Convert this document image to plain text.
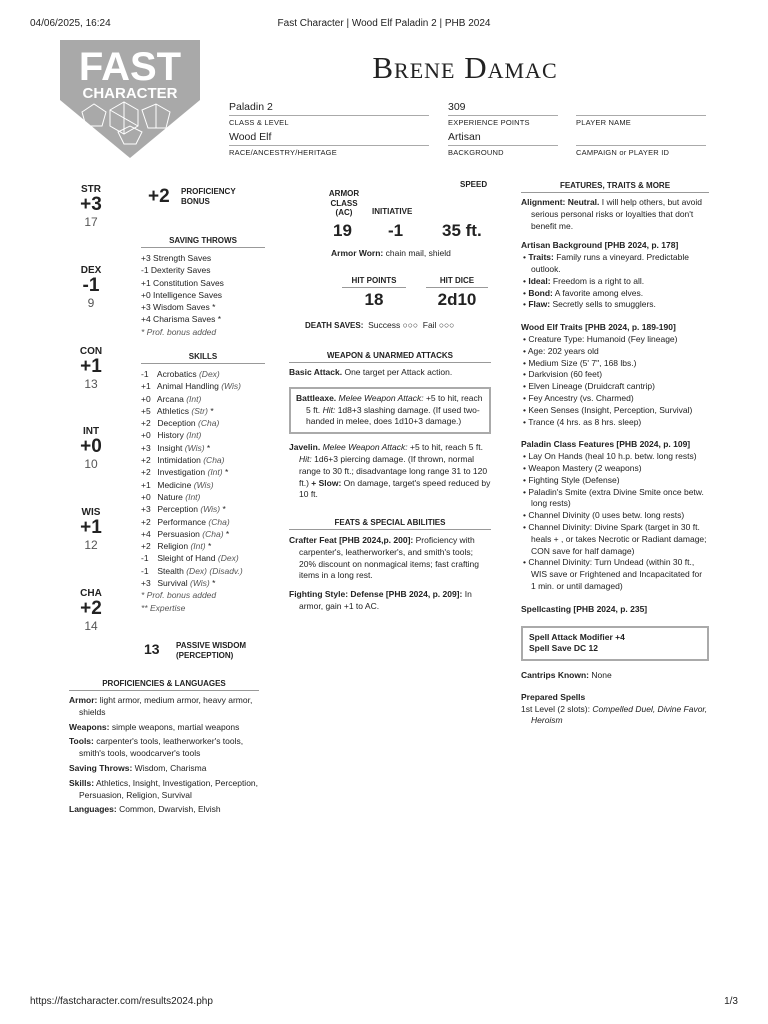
04/06/2025, 16:24	Fast Character | Wood Elf Paladin 2 | PHB 2024
https://fastcharacter.com/results2024.php	1/3
FAST
CHARACTER
Brene Damac
Paladin 2
CLASS & LEVEL
309
EXPERIENCE POINTS	PLAYER NAME
Wood Elf
RACE/ANCESTRY/HERITAGE
Artisan
BACKGROUND	CAMPAIGN or PLAYER ID
STR
+3
17
DEX
-1
9
CON
+1
13
INT
+0
10
WIS
+1
12
CHA
+2
14
+2 PROFICIENCY
BONUS
SAVING THROWS
+3 Strength Saves
-1 Dexterity Saves
+1 Constitution Saves
+0 Intelligence Saves
+3 Wisdom Saves *
+4 Charisma Saves *
* Prof. bonus added
SKILLS
-1 Acrobatics (Dex)
+1 Animal Handling (Wis)
+0 Arcana (Int)
+5 Athletics (Str) *
+2 Deception (Cha)
+0 History (Int)
+3 Insight (Wis) *
+2 Intimidation (Cha)
+2 Investigation (Int) *
+1 Medicine (Wis)
+0 Nature (Int)
+3 Perception (Wis) *
+2 Performance (Cha)
+4 Persuasion (Cha) *
+2 Religion (Int) *
-1 Sleight of Hand (Dex)
-1 Stealth (Dex) (Disadv.)
+3 Survival (Wis) *
* Prof. bonus added
** Expertise
13 PASSIVE WISDOM
(PERCEPTION)
PROFICIENCIES & LANGUAGES
Armor: light armor, medium armor, heavy armor, shields
Weapons: simple weapons, martial weapons
Tools: carpenter's tools, leatherworker's tools, smith's tools, woodcarver's tools
Saving Throws: Wisdom, Charisma
Skills: Athletics, Insight, Investigation, Perception, Persuasion, Religion, Survival
Languages: Common, Dwarvish, Elvish
SPEED
ARMOR CLASS (AC)	INITIATIVE
19 -1 35 ft.
Armor Worn: chain mail, shield
HIT POINTS	HIT DICE
18	2d10
DEATH SAVES: Success ○○○ Fail ○○○
WEAPON & UNARMED ATTACKS
Basic Attack. One target per Attack action.
Battleaxe. Melee Weapon Attack: +5 to hit, reach 5 ft. Hit: 1d8+3 slashing damage. (If used two-handed in melee, does 1d10+3 damage.)
Javelin. Melee Weapon Attack: +5 to hit, reach 5 ft. Hit: 1d6+3 piercing damage. (If thrown, normal range to 30 ft.; disadvantage long range 31 to 120 ft.) + Slow: On damage, target's speed reduced by 10 ft.
FEATS & SPECIAL ABILITIES
Crafter Feat [PHB 2024,p. 200]: Proficiency with carpenter's, leatherworker's, and smith's tools; 20% discount on nonmagical items; fast crafting items in a long rest.
Fighting Style: Defense [PHB 2024, p. 209]: In armor, gain +1 to AC.
FEATURES, TRAITS & MORE
Alignment: Neutral. I will help others, but avoid serious personal risks or loyalties that don't benefit me.
Artisan Background [PHB 2024, p. 178]
• Traits: Family runs a vineyard. Predictable outlook.
• Ideal: Freedom is a right to all.
• Bond: A favorite among elves.
• Flaw: Secretly sells to smugglers.
Wood Elf Traits [PHB 2024, p. 189-190]
• Creature Type: Humanoid (Fey lineage)
• Age: 202 years old
• Medium Size (5' 7", 168 lbs.)
• Darkvision (60 feet)
• Elven Lineage (Druidcraft cantrip)
• Fey Ancestry (vs. Charmed)
• Keen Senses (Insight, Perception, Survival)
• Trance (4 hrs. as 8 hrs. sleep)
Paladin Class Features [PHB 2024, p. 109]
• Lay On Hands (heal 10 h.p. betw. long rests)
• Weapon Mastery (2 weapons)
• Fighting Style (Defense)
• Paladin's Smite (extra Divine Smite once betw. long rests)
• Channel Divinity (0 uses betw. long rests)
• Channel Divinity: Divine Spark (target in 30 ft. heals + , or takes Necrotic or Radiant damage; CON save for half damage)
• Channel Divinity: Turn Undead (within 30 ft., WIS save or Frightened and Incapacitated for 1 min. or until damaged)
Spellcasting [PHB 2024, p. 235]
Spell Attack Modifier +4
Spell Save DC 12
Cantrips Known: None
Prepared Spells
1st Level (2 slots): Compelled Duel, Divine Favor, Heroism
